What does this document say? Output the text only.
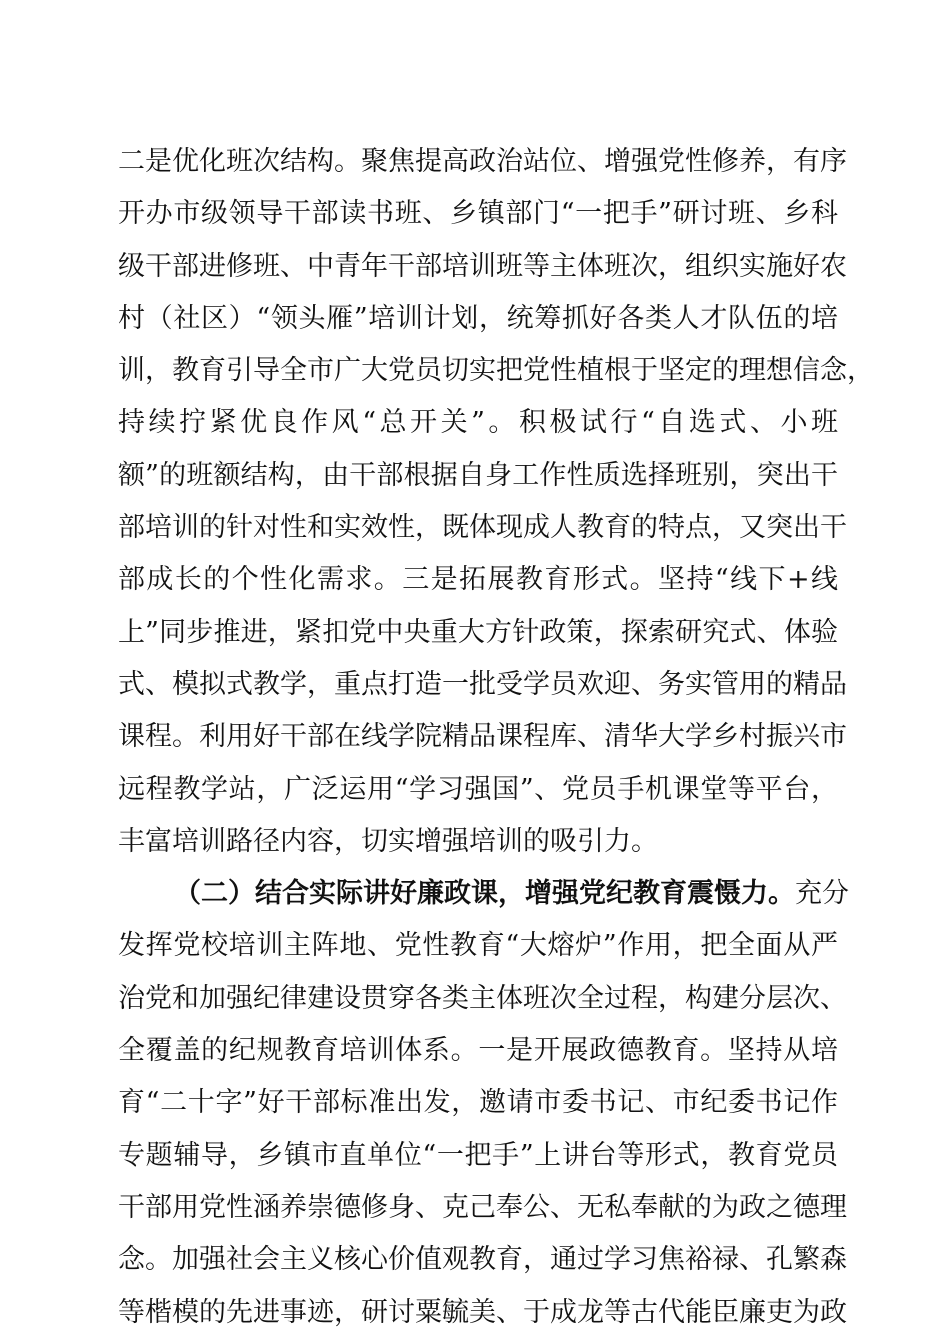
二是优化班次结构。聚焦提高政治站位、增强党性修养，有序
开办市级领导干部读书班、乡镇部门“一把手”研讨班、乡科
级干部进修班、中青年干部培训班等主体班次，组织实施好农
村（社区）“领头雁”培训计划，统筹抓好各类人才队伍的培
训，教育引导全市广大党员切实把党性植根于坚定的理想信念，
持续拧紧优良作风“总开关”。积极试行“自选式、小班
额”的班额结构，由干部根据自身工作性质选择班别，突出干
部培训的针对性和实效性，既体现成人教育的特点，又突出干
部成长的个性化需求。三是拓展教育形式。坚持“线下+线
上”同步推进，紧扣党中央重大方针政策，探索研究式、体验
式、模拟式教学，重点打造一批受学员欢迎、务实管用的精品
课程。利用好干部在线学院精品课程库、清华大学乡村振兴市
远程教学站，广泛运用“学习强国”、党员手机课堂等平台，
丰富培训路径内容，切实增强培训的吸引力。
（二）结合实际讲好廉政课，增强党纪教育震慑力。充分
发挥党校培训主阵地、党性教育“大熔炉”作用，把全面从严
治党和加强纪律建设贯穿各类主体班次全过程，构建分层次、
全覆盖的纪规教育培训体系。一是开展政德教育。坚持从培
育“二十字”好干部标准出发，邀请市委书记、市纪委书记作
专题辅导，乡镇市直单位“一把手”上讲台等形式，教育党员
干部用党性涵养崇德修身、克己奉公、无私奉献的为政之德理
念。加强社会主义核心价值观教育，通过学习焦裕禄、孔繁森
等楷模的先进事迹，研讨粟毓美、于成龙等古代能臣廉吏为政
